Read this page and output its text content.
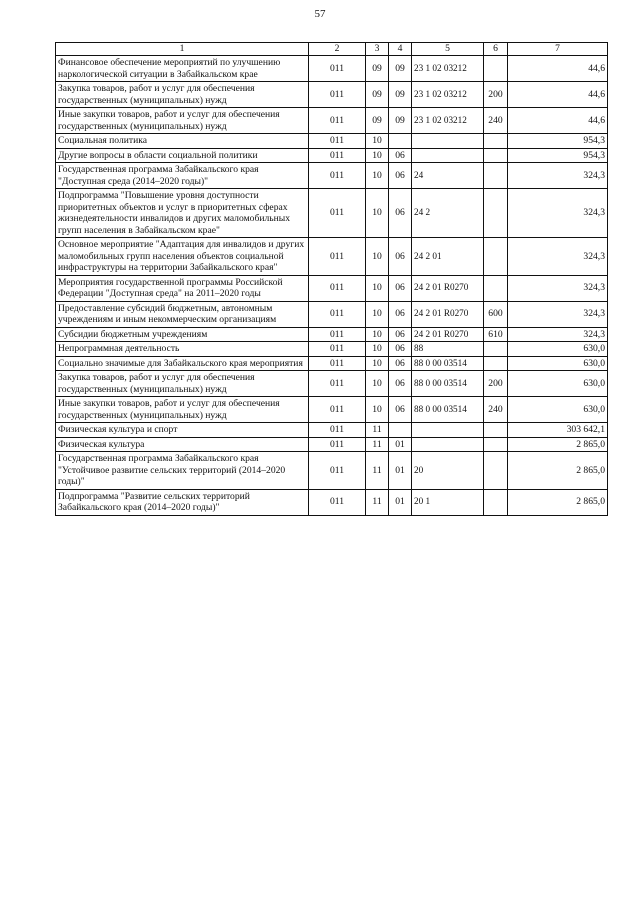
57
1	2	3	4	5	6	7
Финансовое обеспечение мероприятий по улучшению наркологической ситуации в Забайкальском крае	011	09	09	23 1 02 03212		44,6
Закупка товаров, работ и услуг для обеспечения государственных (муниципальных) нужд	011	09	09	23 1 02 03212	200	44,6
Иные закупки товаров, работ и услуг для обеспечения государственных (муниципальных) нужд	011	09	09	23 1 02 03212	240	44,6
Социальная политика	011	10				954,3
Другие вопросы в области социальной политики	011	10	06			954,3
Государственная программа Забайкальского края "Доступная среда (2014–2020 годы)"	011	10	06	24		324,3
Подпрограмма "Повышение уровня доступности приоритетных объектов и услуг в приоритетных сферах жизнедеятельности инвалидов и других маломобильных групп населения в Забайкальском крае"	011	10	06	24 2		324,3
Основное мероприятие "Адаптация для инвалидов и других маломобильных групп населения объектов социальной инфраструктуры на территории Забайкальского края"	011	10	06	24 2 01		324,3
Мероприятия государственной программы Российской Федерации "Доступная среда" на 2011–2020 годы	011	10	06	24 2 01 R0270		324,3
Предоставление субсидий бюджетным, автономным учреждениям и иным некоммерческим организациям	011	10	06	24 2 01 R0270	600	324,3
Субсидии бюджетным учреждениям	011	10	06	24 2 01 R0270	610	324,3
Непрограммная деятельность	011	10	06	88		630,0
Социально значимые для Забайкальского края мероприятия	011	10	06	88 0 00 03514		630,0
Закупка товаров, работ и услуг для обеспечения государственных (муниципальных) нужд	011	10	06	88 0 00 03514	200	630,0
Иные закупки товаров, работ и услуг для обеспечения государственных (муниципальных) нужд	011	10	06	88 0 00 03514	240	630,0
Физическая культура и спорт	011	11				303 642,1
Физическая культура	011	11	01			2 865,0
Государственная программа Забайкальского края "Устойчивое развитие сельских территорий (2014–2020 годы)"	011	11	01	20		2 865,0
Подпрограмма "Развитие сельских территорий Забайкальского края (2014–2020 годы)"	011	11	01	20 1		2 865,0
